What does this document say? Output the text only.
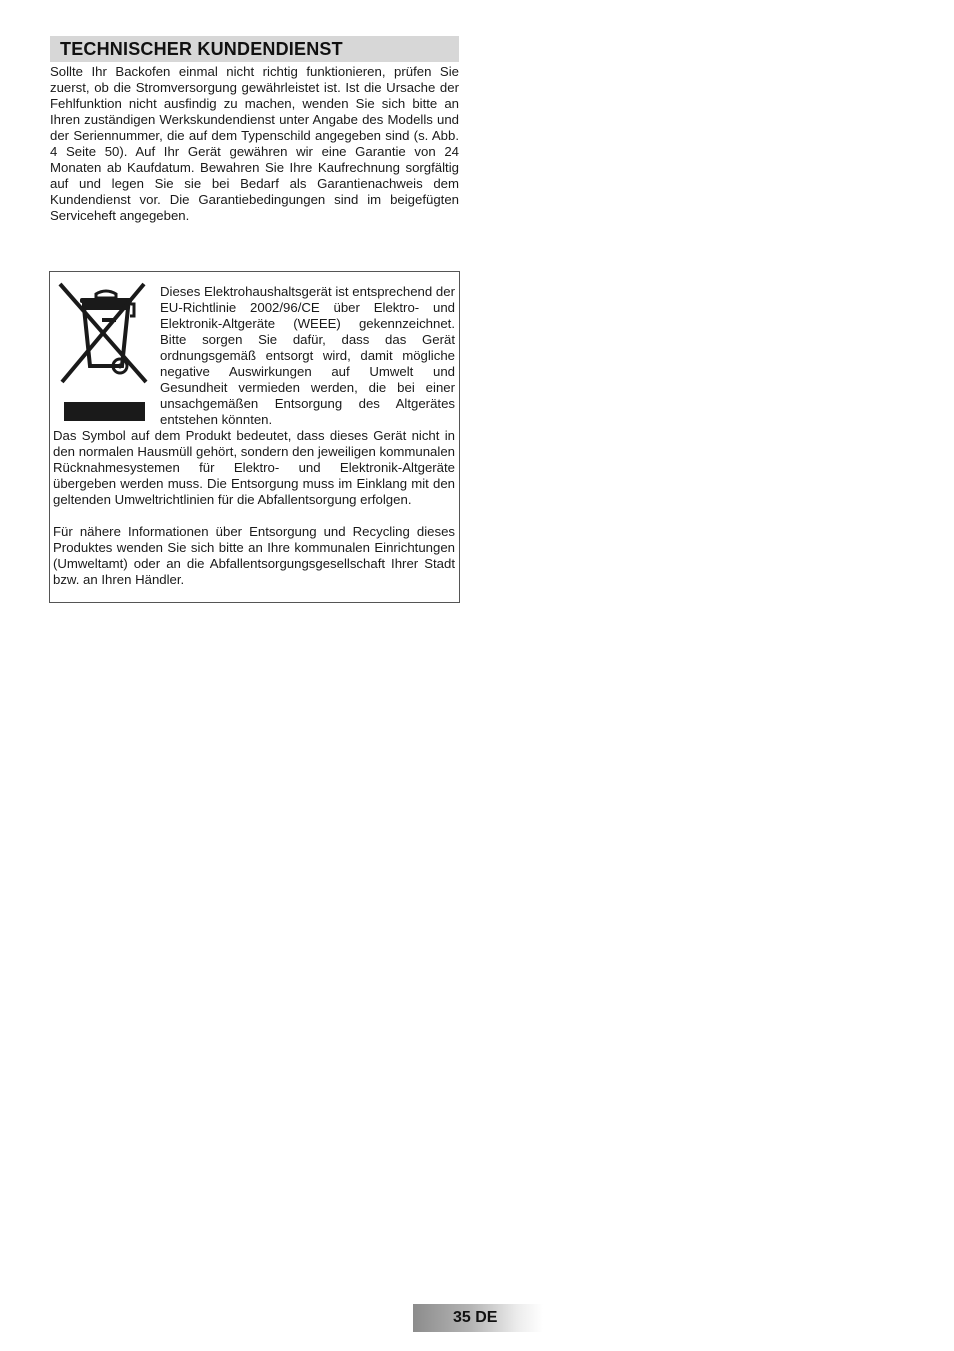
TECHNISCHER KUNDENDIENST

Sollte Ihr Backofen einmal nicht richtig funktionieren, prüfen Sie zuerst, ob die Stromversorgung gewährleistet ist. Ist die Ursache der Fehlfunktion nicht ausfindig zu machen, wenden Sie sich bitte an Ihren zuständigen Werkskundendienst unter Angabe des Modells und der Seriennummer, die auf dem Typenschild angegeben sind (s. Abb. 4 Seite 50). Auf Ihr Gerät gewähren wir eine Garantie von 24 Monaten ab Kaufdatum. Bewahren Sie Ihre Kaufrechnung sorgfältig auf und legen Sie sie bei Bedarf als Garantienachweis dem Kundendienst vor. Die Garantiebedingungen sind im beigefügten Serviceheft angegeben.

Dieses Elektrohaushaltsgerät ist entsprechend der EU-Richtlinie 2002/96/CE über Elektro- und Elektronik-Altgeräte (WEEE) gekennzeichnet. Bitte sorgen Sie dafür, dass das Gerät ordnungsgemäß entsorgt wird, damit mögliche negative Auswirkungen auf Umwelt und Gesundheit vermieden werden, die bei einer unsachgemäßen Entsorgung des Altgerätes entstehen könnten.

Das Symbol auf dem Produkt bedeutet, dass dieses Gerät nicht in den normalen Hausmüll gehört, sondern den jeweiligen kommunalen Rücknahmesystemen für Elektro- und Elektronik-Altgeräte übergeben werden muss. Die Entsorgung muss im Einklang mit den geltenden Umweltrichtlinien für die Abfallentsorgung erfolgen.

Für nähere Informationen über Entsorgung und Recycling dieses Produktes wenden Sie sich bitte an Ihre kommunalen Einrichtungen (Umweltamt) oder an die Abfallentsorgungsgesellschaft Ihrer Stadt bzw. an Ihren Händler.

35 DE
